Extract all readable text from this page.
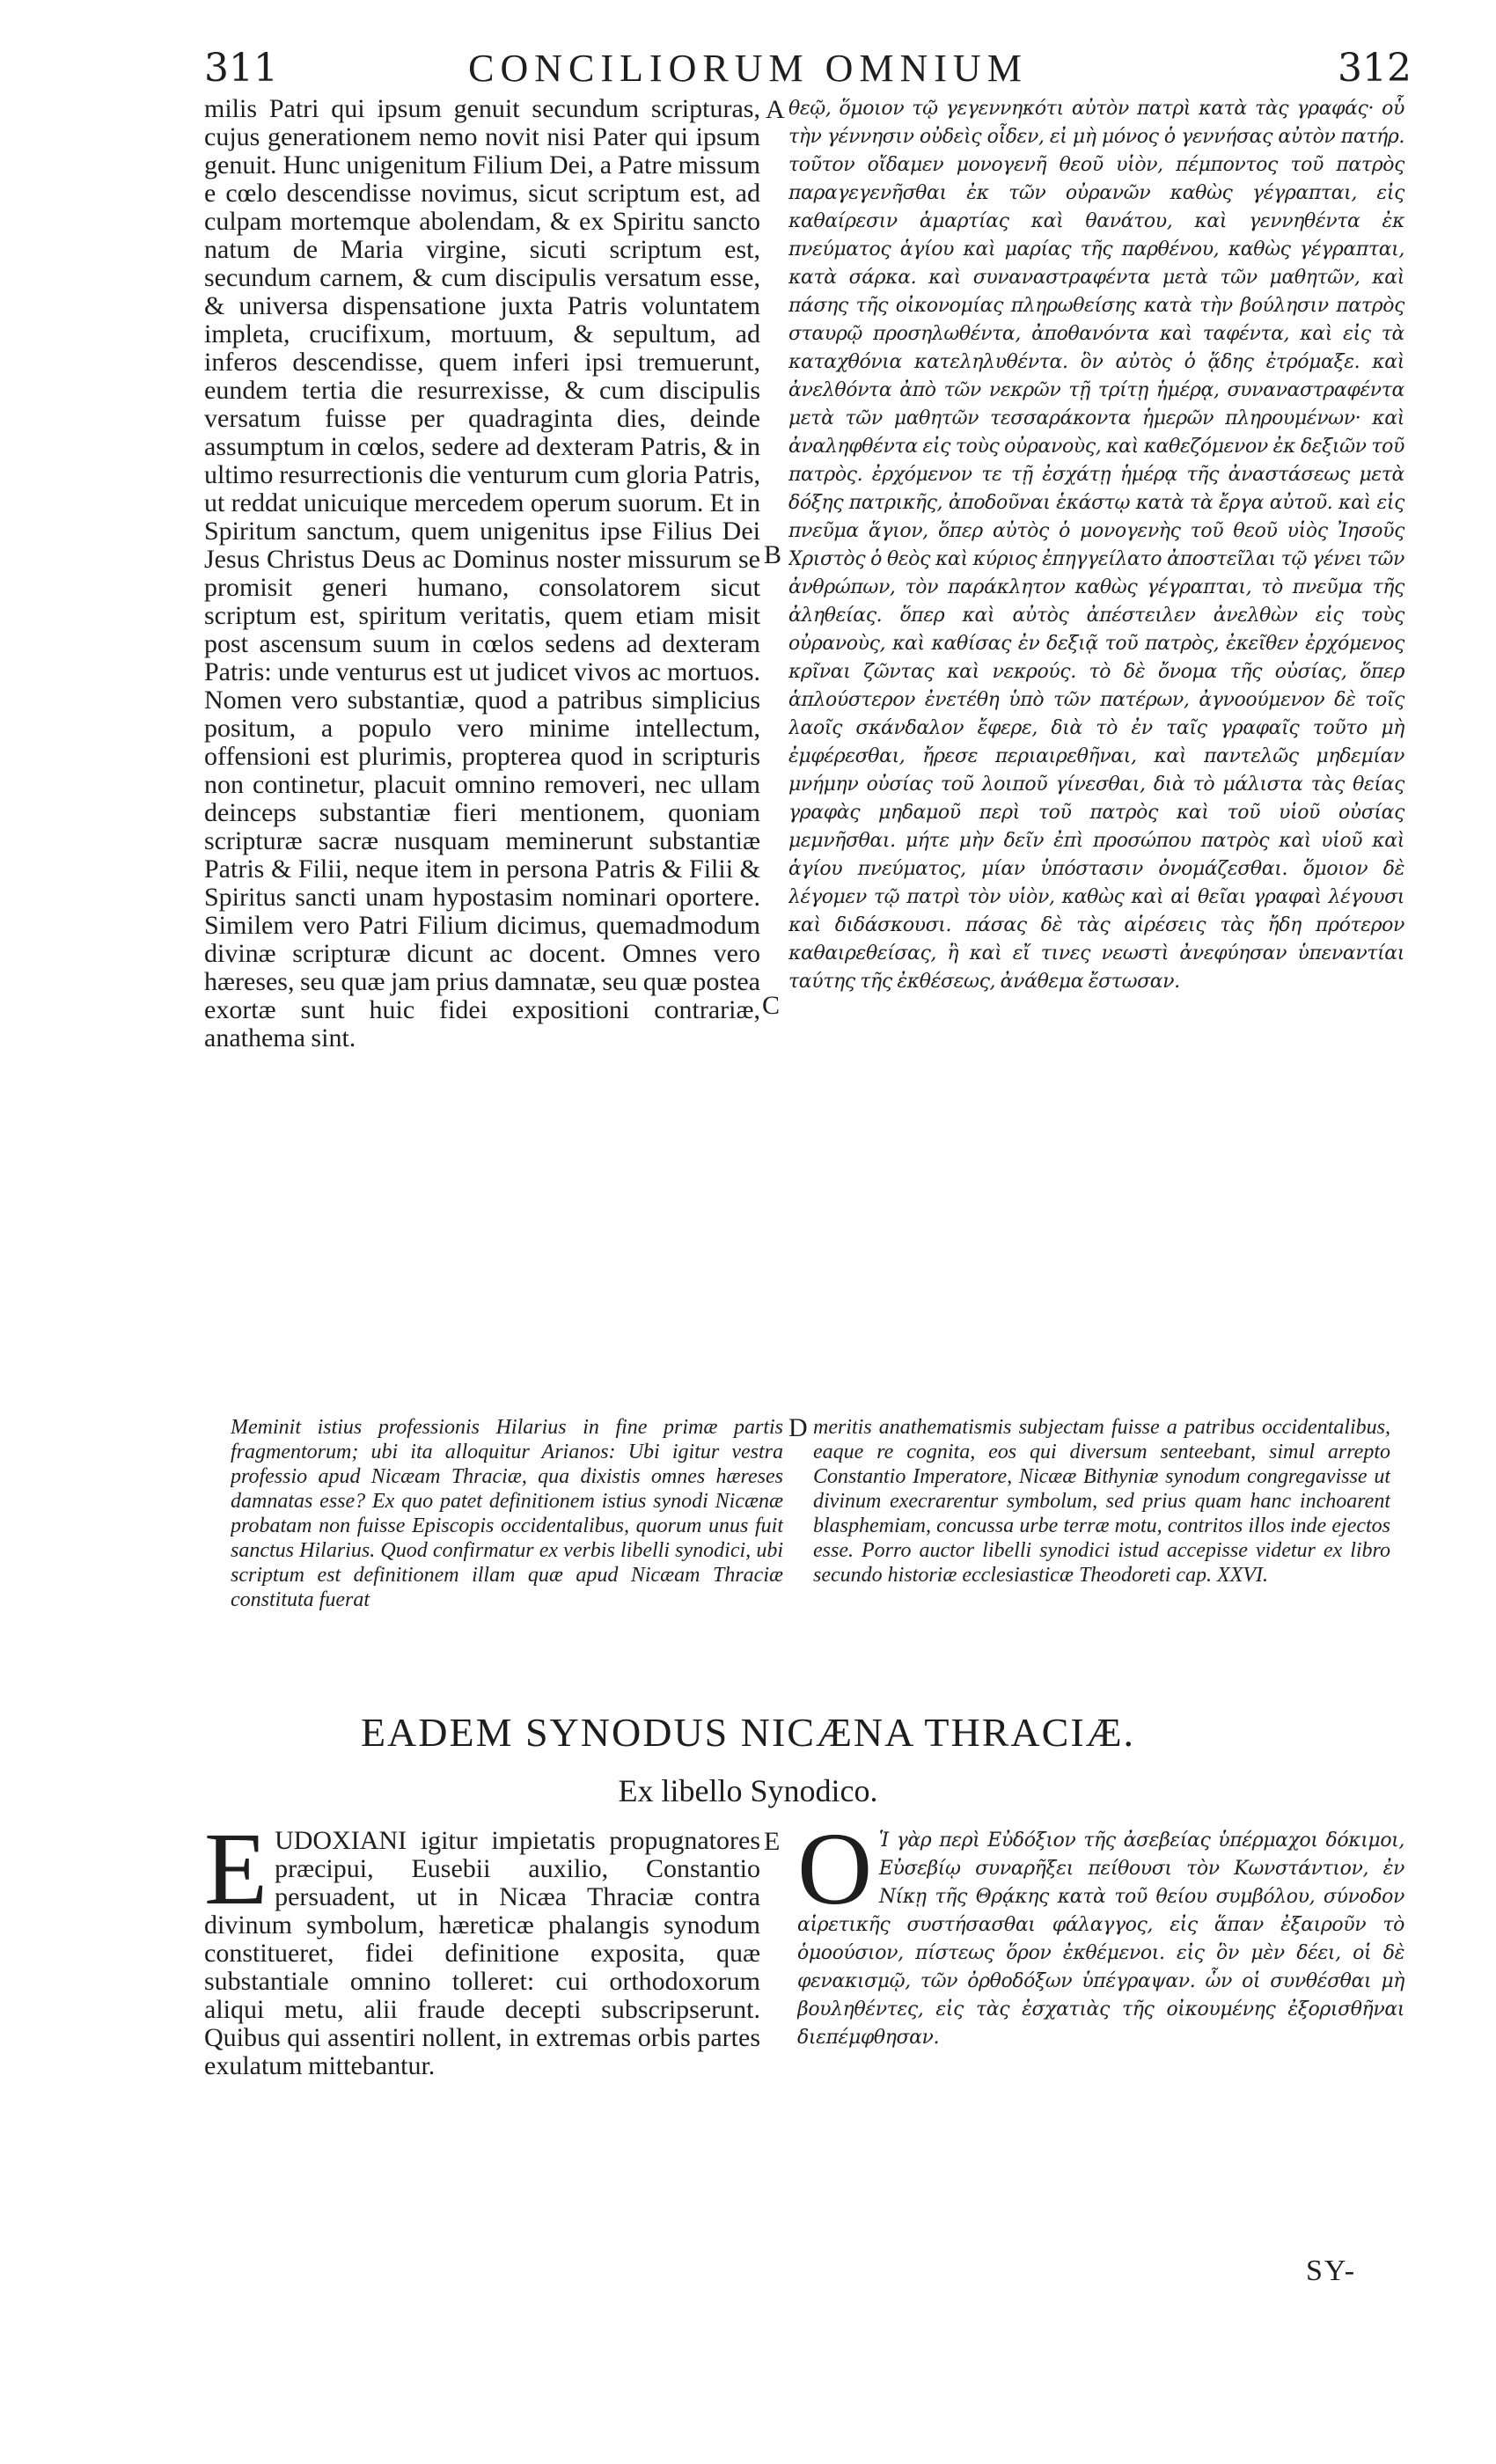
311	CONCILIORUM OMNIUM	312

milis Patri qui ipsum genuit secundum scripturas, cujus generationem nemo novit nisi Pater qui ipsum genuit. Hunc unigenitum Filium Dei, a Patre missum e cœlo descendisse novimus, sicut scriptum est, ad culpam mortemque abolendam, & ex Spiritu sancto natum de Maria virgine, sicuti scriptum est, secundum carnem, & cum discipulis versatum esse, & universa dispensatione juxta Patris voluntatem impleta, crucifixum, mortuum, & sepultum, ad inferos descendisse, quem inferi ipsi tremuerunt, eundem tertia die resurrexisse, & cum discipulis versatum fuisse per quadraginta dies, deinde assumptum in cœlos, sedere ad dexteram Patris, & in ultimo resurrectionis die venturum cum gloria Patris, ut reddat unicuique mercedem operum suorum. Et in Spiritum sanctum, quem unigenitus ipse Filius Dei Jesus Christus Deus ac Dominus noster missurum se promisit generi humano, consolatorem sicut scriptum est, spiritum veritatis, quem etiam misit post ascensum suum in cœlos sedens ad dexteram Patris: unde venturus est ut judicet vivos ac mortuos. Nomen vero substantiæ, quod a patribus simplicius positum, a populo vero minime intellectum, offensioni est plurimis, propterea quod in scripturis non continetur, placuit omnino removeri, nec ullam deinceps substantiæ fieri mentionem, quoniam scripturæ sacræ nusquam meminerunt substantiæ Patris & Filii, neque item in persona Patris & Filii & Spiritus sancti unam hypostasim nominari oportere. Similem vero Patri Filium dicimus, quemadmodum divinæ scripturæ dicunt ac docent. Omnes vero hæreses, seu quæ jam prius damnatæ, seu quæ postea exortæ sunt huic fidei expositioni contrariæ, anathema sint.

A
B
C
D
E

θεῷ, ὅμοιον τῷ γεγεννηκότι αὐτὸν πατρὶ κατὰ τὰς γραφάς· οὗ τὴν γέννησιν οὐδεὶς οἶδεν, εἰ μὴ μόνος ὁ γεννήσας αὐτὸν πατήρ. τοῦτον οἴδαμεν μονογενῆ θεοῦ υἱὸν, πέμποντος τοῦ πατρὸς παραγεγενῆσθαι ἐκ τῶν οὐρανῶν καθὼς γέγραπται, εἰς καθαίρεσιν ἁμαρτίας καὶ θανάτου, καὶ γεννηθέντα ἐκ πνεύματος ἁγίου καὶ μαρίας τῆς παρθένου, καθὼς γέγραπται, κατὰ σάρκα. καὶ συναναστραφέντα μετὰ τῶν μαθητῶν, καὶ πάσης τῆς οἰκονομίας πληρωθείσης κατὰ τὴν βούλησιν πατρὸς σταυρῷ προσηλωθέντα, ἀποθανόντα καὶ ταφέντα, καὶ εἰς τὰ καταχθόνια κατεληλυθέντα. ὃν αὐτὸς ὁ ᾅδης ἐτρόμαξε. καὶ ἀνελθόντα ἀπὸ τῶν νεκρῶν τῇ τρίτῃ ἡμέρᾳ, συναναστραφέντα μετὰ τῶν μαθητῶν τεσσαράκοντα ἡμερῶν πληρουμένων· καὶ ἀναληφθέντα εἰς τοὺς οὐρανοὺς, καὶ καθεζόμενον ἐκ δεξιῶν τοῦ πατρὸς. ἐρχόμενον τε τῇ ἐσχάτῃ ἡμέρᾳ τῆς ἀναστάσεως μετὰ δόξης πατρικῆς, ἀποδοῦναι ἑκάστῳ κατὰ τὰ ἔργα αὐτοῦ. καὶ εἰς πνεῦμα ἅγιον, ὅπερ αὐτὸς ὁ μονογενὴς τοῦ θεοῦ υἱὸς Ἰησοῦς Χριστὸς ὁ θεὸς καὶ κύριος ἐπηγγείλατο ἀποστεῖλαι τῷ γένει τῶν ἀνθρώπων, τὸν παράκλητον καθὼς γέγραπται, τὸ πνεῦμα τῆς ἀληθείας. ὅπερ καὶ αὐτὸς ἀπέστειλεν ἀνελθὼν εἰς τοὺς οὐρανοὺς, καὶ καθίσας ἐν δεξιᾷ τοῦ πατρὸς, ἐκεῖθεν ἐρχόμενος κρῖναι ζῶντας καὶ νεκρούς. τὸ δὲ ὄνομα τῆς οὐσίας, ὅπερ ἁπλούστερον ἐνετέθη ὑπὸ τῶν πατέρων, ἀγνοούμενον δὲ τοῖς λαοῖς σκάνδαλον ἔφερε, διὰ τὸ ἐν ταῖς γραφαῖς τοῦτο μὴ ἐμφέρεσθαι, ἤρεσε περιαιρεθῆναι, καὶ παντελῶς μηδεμίαν μνήμην οὐσίας τοῦ λοιποῦ γίνεσθαι, διὰ τὸ μάλιστα τὰς θείας γραφὰς μηδαμοῦ περὶ τοῦ πατρὸς καὶ τοῦ υἱοῦ οὐσίας μεμνῆσθαι. μήτε μὴν δεῖν ἐπὶ προσώπου πατρὸς καὶ υἱοῦ καὶ ἁγίου πνεύματος, μίαν ὑπόστασιν ὀνομάζεσθαι. ὅμοιον δὲ λέγομεν τῷ πατρὶ τὸν υἱὸν, καθὼς καὶ αἱ θεῖαι γραφαὶ λέγουσι καὶ διδάσκουσι. πάσας δὲ τὰς αἱρέσεις τὰς ἤδη πρότερον καθαιρεθείσας, ἢ καὶ εἴ τινες νεωστὶ ἀνεφύησαν ὑπεναντίαι ταύτης τῆς ἐκθέσεως, ἀνάθεμα ἔστωσαν.

Meminit istius professionis Hilarius in fine primæ partis fragmentorum; ubi ita alloquitur Arianos: Ubi igitur vestra professio apud Nicæam Thraciæ, qua dixistis omnes hæreses damnatas esse? Ex quo patet definitionem istius synodi Nicænæ probatam non fuisse Episcopis occidentalibus, quorum unus fuit sanctus Hilarius. Quod confirmatur ex verbis libelli synodici, ubi scriptum est definitionem illam quæ apud Nicæam Thraciæ constituta fuerat
meritis anathematismis subjectam fuisse a patribus occidentalibus, eaque re cognita, eos qui diversum senteebant, simul arrepto Constantio Imperatore, Nicææ Bithyniæ synodum congregavisse ut divinum execrarentur symbolum, sed prius quam hanc inchoarent blasphemiam, concussa urbe terræ motu, contritos illos inde ejectos esse. Porro auctor libelli synodici istud accepisse videtur ex libro secundo historiæ ecclesiasticæ Theodoreti cap. XXVI.
EADEM SYNODUS NICÆNA THRACIÆ.
Ex libello Synodico.
E UDOXIANI igitur impietatis propugnatores præcipui, Eusebii auxilio, Constantio persuadent, ut in Nicæa Thraciæ contra divinum symbolum, hæreticæ phalangis synodum constitueret, fidei definitione exposita, quæ substantiale omnino tolleret: cui orthodoxorum aliqui metu, alii fraude decepti subscripserunt. Quibus qui assentiri nollent, in extremas orbis partes exulatum mittebantur.
O Ἱ γὰρ περὶ Εὐδόξιον τῆς ἀσεβείας ὑπέρμαχοι δόκιμοι, Εὐσεβίῳ συναρῆξει πείθουσι τὸν Κωνστάντιον, ἐν Νίκῃ τῆς Θρᾴκης κατὰ τοῦ θείου συμβόλου, σύνοδον αἱρετικῆς συστήσασθαι φάλαγγος, εἰς ἅπαν ἐξαιροῦν τὸ ὁμοούσιον, πίστεως ὅρον ἐκθέμενοι. εἰς ὃν μὲν δέει, οἱ δὲ φενακισμῷ, τῶν ὀρθοδόξων ὑπέγραψαν. ὧν οἱ συνθέσθαι μὴ βουληθέντες, εἰς τὰς ἐσχατιὰς τῆς οἰκουμένης ἐξορισθῆναι διεπέμφθησαν.
SY-
